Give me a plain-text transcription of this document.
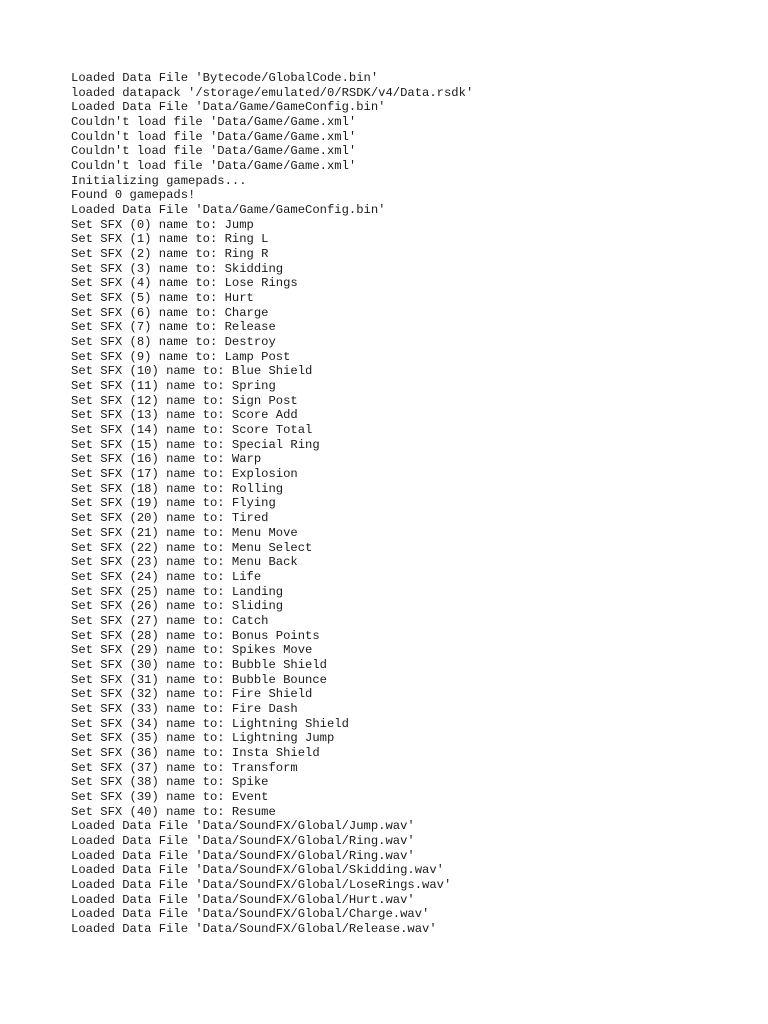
Loaded Data File 'Bytecode/GlobalCode.bin'
loaded datapack '/storage/emulated/0/RSDK/v4/Data.rsdk'
Loaded Data File 'Data/Game/GameConfig.bin'
Couldn't load file 'Data/Game/Game.xml'
Couldn't load file 'Data/Game/Game.xml'
Couldn't load file 'Data/Game/Game.xml'
Couldn't load file 'Data/Game/Game.xml'
Initializing gamepads...
Found 0 gamepads!
Loaded Data File 'Data/Game/GameConfig.bin'
Set SFX (0) name to: Jump
Set SFX (1) name to: Ring L
Set SFX (2) name to: Ring R
Set SFX (3) name to: Skidding
Set SFX (4) name to: Lose Rings
Set SFX (5) name to: Hurt
Set SFX (6) name to: Charge
Set SFX (7) name to: Release
Set SFX (8) name to: Destroy
Set SFX (9) name to: Lamp Post
Set SFX (10) name to: Blue Shield
Set SFX (11) name to: Spring
Set SFX (12) name to: Sign Post
Set SFX (13) name to: Score Add
Set SFX (14) name to: Score Total
Set SFX (15) name to: Special Ring
Set SFX (16) name to: Warp
Set SFX (17) name to: Explosion
Set SFX (18) name to: Rolling
Set SFX (19) name to: Flying
Set SFX (20) name to: Tired
Set SFX (21) name to: Menu Move
Set SFX (22) name to: Menu Select
Set SFX (23) name to: Menu Back
Set SFX (24) name to: Life
Set SFX (25) name to: Landing
Set SFX (26) name to: Sliding
Set SFX (27) name to: Catch
Set SFX (28) name to: Bonus Points
Set SFX (29) name to: Spikes Move
Set SFX (30) name to: Bubble Shield
Set SFX (31) name to: Bubble Bounce
Set SFX (32) name to: Fire Shield
Set SFX (33) name to: Fire Dash
Set SFX (34) name to: Lightning Shield
Set SFX (35) name to: Lightning Jump
Set SFX (36) name to: Insta Shield
Set SFX (37) name to: Transform
Set SFX (38) name to: Spike
Set SFX (39) name to: Event
Set SFX (40) name to: Resume
Loaded Data File 'Data/SoundFX/Global/Jump.wav'
Loaded Data File 'Data/SoundFX/Global/Ring.wav'
Loaded Data File 'Data/SoundFX/Global/Ring.wav'
Loaded Data File 'Data/SoundFX/Global/Skidding.wav'
Loaded Data File 'Data/SoundFX/Global/LoseRings.wav'
Loaded Data File 'Data/SoundFX/Global/Hurt.wav'
Loaded Data File 'Data/SoundFX/Global/Charge.wav'
Loaded Data File 'Data/SoundFX/Global/Release.wav'
